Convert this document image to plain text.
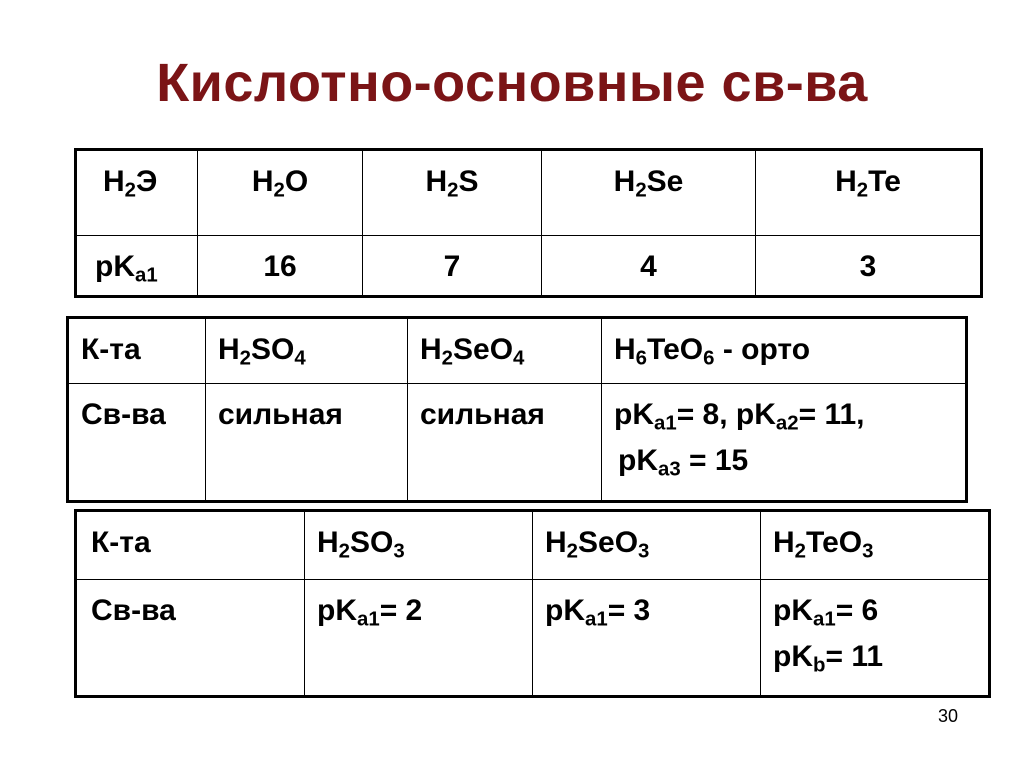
Кислотно-основные св-ва
$H_2Э$	$H_2O$	$H_2S$	$H_2Se$	$H_2Te$
$pK_{a1}$	16	7	4	3
К-та	$H_2SO_4$	$H_2SeO_4$	$H_6TeO_6$ - орто
Св-ва	сильная	сильная	$pK_{a1}= 8$, $pK_{a2}= 11$,
$pK_{a3} = 15$
К-та	$H_2SO_3$	$H_2SeO_3$	$H_2TeO_3$
Св-ва	$pK_{a1}= 2$	$pK_{a1}= 3$	$pK_{a1}= 6$
$pK_b= 11$
30
